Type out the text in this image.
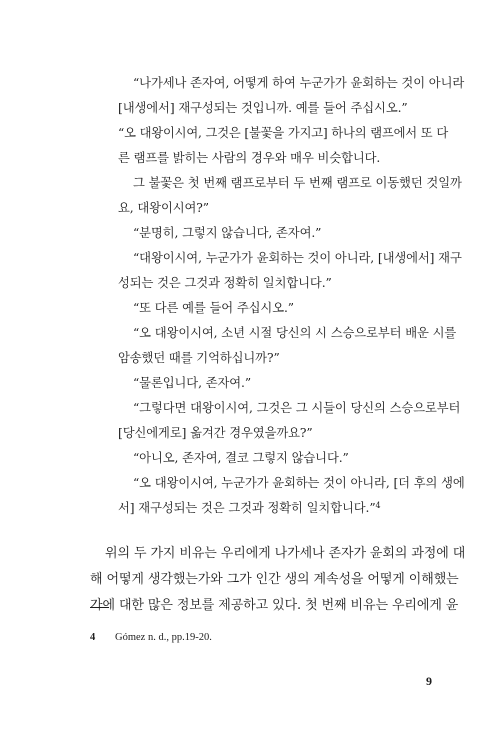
“나가세나 존자여, 어떻게 하여 누군가가 윤회하는 것이 아니라

[내생에서] 재구성되는 것입니까. 예를 들어 주십시오.”

“오 대왕이시여, 그것은 [불꽃을 가지고] 하나의 램프에서 또 다

른 램프를 밝히는 사람의 경우와 매우 비슷합니다.

그 불꽃은 첫 번째 램프로부터 두 번째 램프로 이동했던 것일까

요, 대왕이시여?”

“분명히, 그렇지 않습니다, 존자여.”

“대왕이시여, 누군가가 윤회하는 것이 아니라, [내생에서] 재구

성되는 것은 그것과 정확히 일치합니다.”

“또 다른 예를 들어 주십시오.”

“오 대왕이시여, 소년 시절 당신의 시 스승으로부터 배운 시를

암송했던 때를 기억하십니까?”

“물론입니다, 존자여.”

“그렇다면 대왕이시여, 그것은 그 시들이 당신의 스승으로부터

[당신에게로] 옮겨간 경우였을까요?”

“아니오, 존자여, 결코 그렇지 않습니다.”

“오 대왕이시여, 누군가가 윤회하는 것이 아니라, [더 후의 생에

서] 재구성되는 것은 그것과 정확히 일치합니다.”$^4$

위의 두 가지 비유는 우리에게 나가세나 존자가 윤회의 과정에 대

해 어떻게 생각했는가와 그가 인간 생의 계속성을 어떻게 이해했는

가에 대한 많은 정보를 제공하고 있다. 첫 번째 비유는 우리에게 윤

4 Gómez n. d., pp.19-20.

9
